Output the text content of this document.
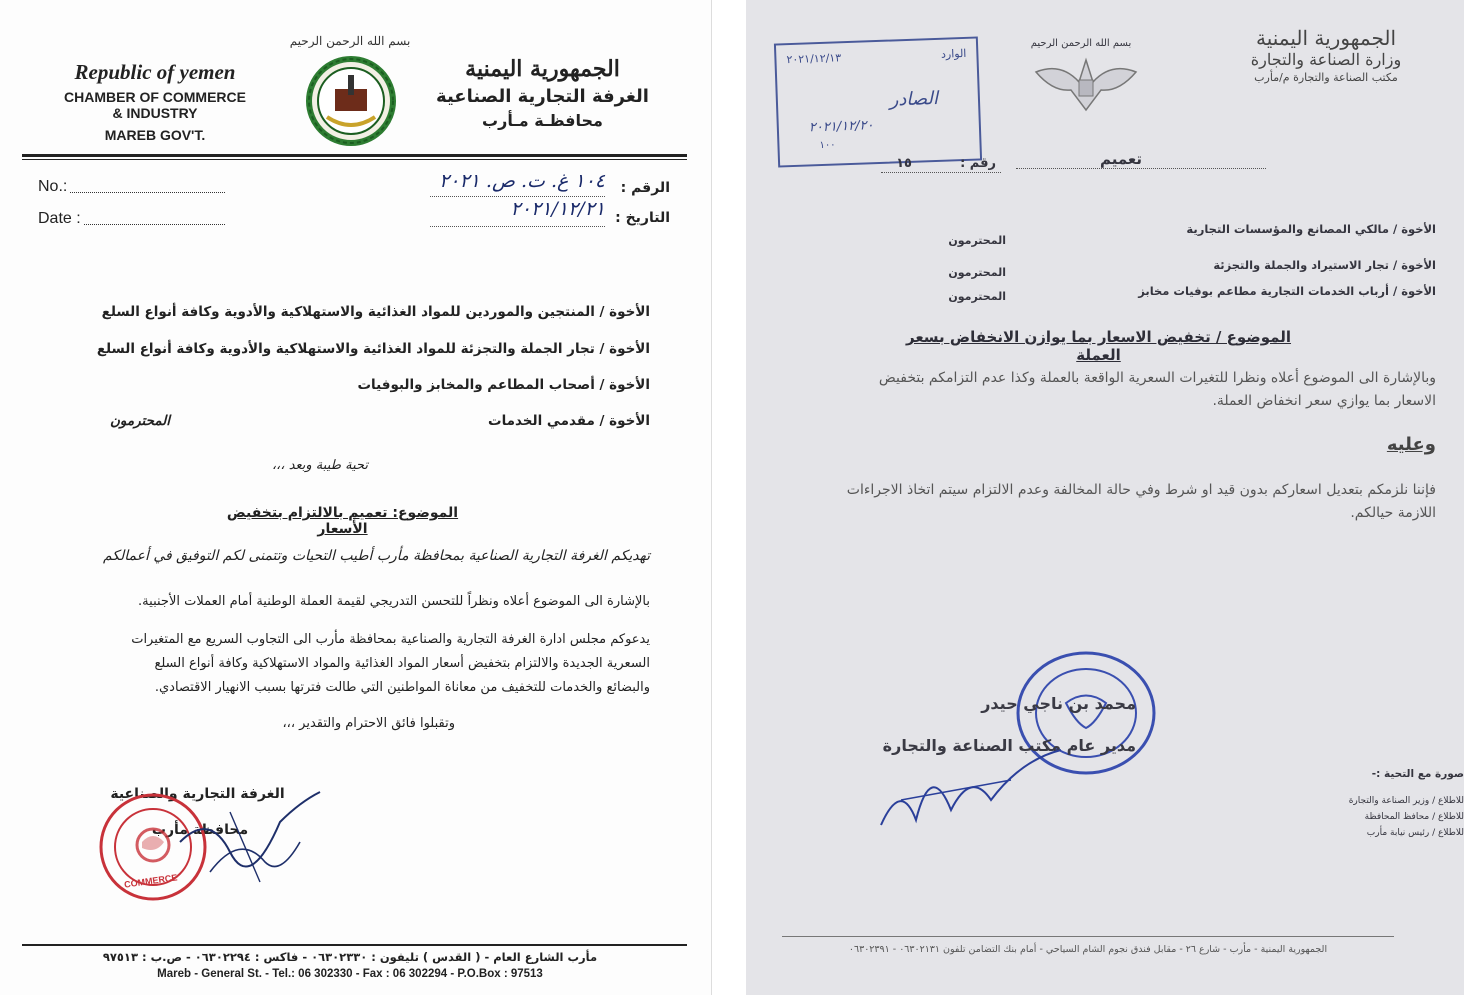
Republic of yemen
CHAMBER OF COMMERCE
& INDUSTRY
MAREB GOV'T.
بسم الله الرحمن الرحيم
الجمهورية اليمنية
الغرفة التجارية الصناعية
محافظـة مـأرب
No.:
Date :
الرقم :
١٠٤ غ. ت. ص. ٢٠٢١
التاريخ :
٢٠٢١/١٢/٢١
الأخوة / المنتجين والموردين للمواد الغذائية والاستهلاكية والأدوية وكافة أنواع السلع
الأخوة / تجار الجملة والتجزئة للمواد الغذائية والاستهلاكية والأدوية وكافة أنواع السلع
الأخوة / أصحاب المطاعم والمخابز والبوفيات
الأخوة / مقدمي الخدمات
المحترمون
تحية طيبة وبعد ،،،
الموضوع: تعميم بالالتزام بتخفيض الأسعار
تهديكم الغرفة التجارية الصناعية بمحافظة مأرب أطيب التحيات وتتمنى لكم التوفيق في أعمالكم
بالإشارة الى الموضوع أعلاه ونظراً للتحسن التدريجي لقيمة العملة الوطنية أمام العملات الأجنبية.
يدعوكم مجلس ادارة الغرفة التجارية والصناعية بمحافظة مأرب الى التجاوب السريع مع المتغيرات
السعرية الجديدة والالتزام بتخفيض أسعار المواد الغذائية والمواد الاستهلاكية وكافة أنواع السلع
والبضائع والخدمات للتخفيف من معاناة المواطنين التي طالت فترتها بسبب الانهيار الاقتصادي.
وتقبلوا فائق الاحترام والتقدير ،،،
الغرفة التجارية والصناعية
محافظة مأرب
COMMERCE
مأرب الشارع العام - ( القدس ) تليفون : ٠٦٣٠٢٣٣٠ - فاكس : ٠٦٣٠٢٢٩٤ - ص.ب : ٩٧٥١٣
Mareb - General St. - Tel.: 06 302330 - Fax : 06 302294 - P.O.Box : 97513
الوارد
٢٠٢١/١٢/١٣
الصادر
٢٠٢١/١٢/٢٠
١٠٠
بسم الله الرحمن الرحيم	الجمهورية اليمنية
وزارة الصناعة والتجارة
مكتب الصناعة والتجارة م/مأرب
تعميم
رقم :
١٥
الأخوة / مالكي المصانع والمؤسسات التجارية
المحترمون
الأخوة / تجار الاستيراد والجملة والتجزئة
المحترمون
الأخوة / أرباب الخدمات التجارية مطاعم بوفيات مخابز
المحترمون
الموضوع / تخفيض الاسعار بما يوازن الانخفاض بسعر العملة
وبالإشارة الى الموضوع أعلاه ونظرا للتغيرات السعرية الواقعة بالعملة وكذا عدم التزامكم بتخفيض
الاسعار بما يوازي سعر انخفاض العملة.
وعليه
فإننا نلزمكم بتعديل اسعاركم بدون قيد او شرط وفي حالة المخالفة وعدم الالتزام سيتم اتخاذ الاجراءات
اللازمة حيالكم.
محمد بن ناجي حيدر
مدير عام مكتب الصناعة والتجارة
صورة مع التحية :-
للاطلاع / وزير الصناعة والتجارة
للاطلاع / محافظ المحافظة
للاطلاع / رئيس نيابة مأرب
الجمهورية اليمنية - مأرب - شارع ٢٦ - مقابل فندق نجوم الشام السياحي - أمام بنك التضامن تلفون ٠٦٣٠٢١٣١ - ٠٦٣٠٢٣٩١
